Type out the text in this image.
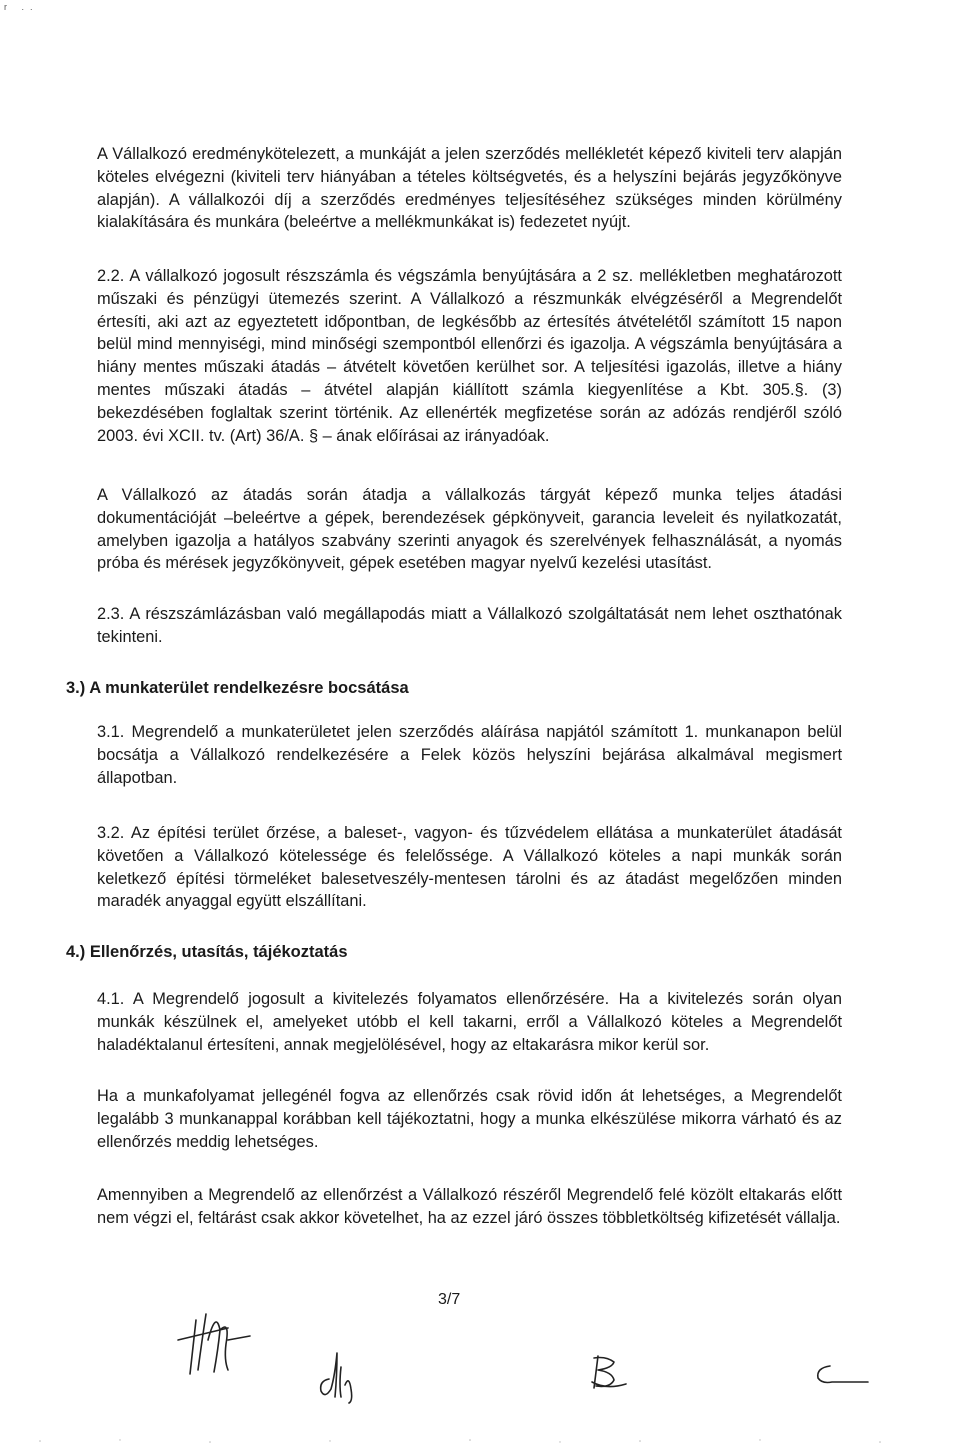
r ..

A Vállalkozó eredménykötelezett, a munkáját a jelen szerződés mellékletét képező kiviteli terv alapján köteles elvégezni (kiviteli terv hiányában a tételes költségvetés, és a helyszíni bejárás jegyzőkönyve alapján). A vállalkozói díj a szerződés eredményes teljesítéséhez szükséges minden körülmény kialakítására és munkára (beleértve a mellékmunkákat is) fedezetet nyújt.

2.2. A vállalkozó jogosult részszámla és végszámla benyújtására a 2 sz. mellékletben meghatározott műszaki és pénzügyi ütemezés szerint. A Vállalkozó a részmunkák elvégzéséről a Megrendelőt értesíti, aki azt az egyeztetett időpontban, de legkésőbb az értesítés átvételétől számított 15 napon belül mind mennyiségi, mind minőségi szempontból ellenőrzi és igazolja. A végszámla benyújtására a hiány mentes műszaki átadás – átvételt követően kerülhet sor. A teljesítési igazolás, illetve a hiány mentes műszaki átadás – átvétel alapján kiállított számla kiegyenlítése a Kbt. 305.§. (3) bekezdésében foglaltak szerint történik. Az ellenérték megfizetése során az adózás rendjéről szóló 2003. évi XCII. tv. (Art) 36/A. § – ának előírásai az irányadóak.

A Vállalkozó az átadás során átadja a vállalkozás tárgyát képező munka teljes átadási dokumentációját –beleértve a gépek, berendezések gépkönyveit, garancia leveleit és nyilatkozatát, amelyben igazolja a hatályos szabvány szerinti anyagok és szerelvények felhasználását, a nyomás próba és mérések jegyzőkönyveit, gépek esetében magyar nyelvű kezelési utasítást.

2.3. A részszámlázásban való megállapodás miatt a Vállalkozó szolgáltatását nem lehet oszthatónak tekinteni.

3.) A munkaterület rendelkezésre bocsátása

3.1. Megrendelő a munkaterületet jelen szerződés aláírása napjától számított 1. munkanapon belül bocsátja a Vállalkozó rendelkezésére a Felek közös helyszíni bejárása alkalmával megismert állapotban.

3.2. Az építési terület őrzése, a baleset-, vagyon- és tűzvédelem ellátása a munkaterület átadását követően a Vállalkozó kötelessége és felelőssége. A Vállalkozó köteles a napi munkák során keletkező építési törmeléket balesetveszély-mentesen tárolni és az átadást megelőzően minden maradék anyaggal együtt elszállítani.

4.) Ellenőrzés, utasítás, tájékoztatás

4.1. A Megrendelő jogosult a kivitelezés folyamatos ellenőrzésére. Ha a kivitelezés során olyan munkák készülnek el, amelyeket utóbb el kell takarni, erről a Vállalkozó köteles a Megrendelőt haladéktalanul értesíteni, annak megjelölésével, hogy az eltakarásra mikor kerül sor.

Ha a munkafolyamat jellegénél fogva az ellenőrzés csak rövid időn át lehetséges, a Megrendelőt legalább 3 munkanappal korábban kell tájékoztatni, hogy a munka elkészülése mikorra várható és az ellenőrzés meddig lehetséges.

Amennyiben a Megrendelő az ellenőrzést a Vállalkozó részéről Megrendelő felé közölt eltakarás előtt nem végzi el, feltárást csak akkor követelhet, ha az ezzel járó összes többletköltség kifizetését vállalja.

3/7
